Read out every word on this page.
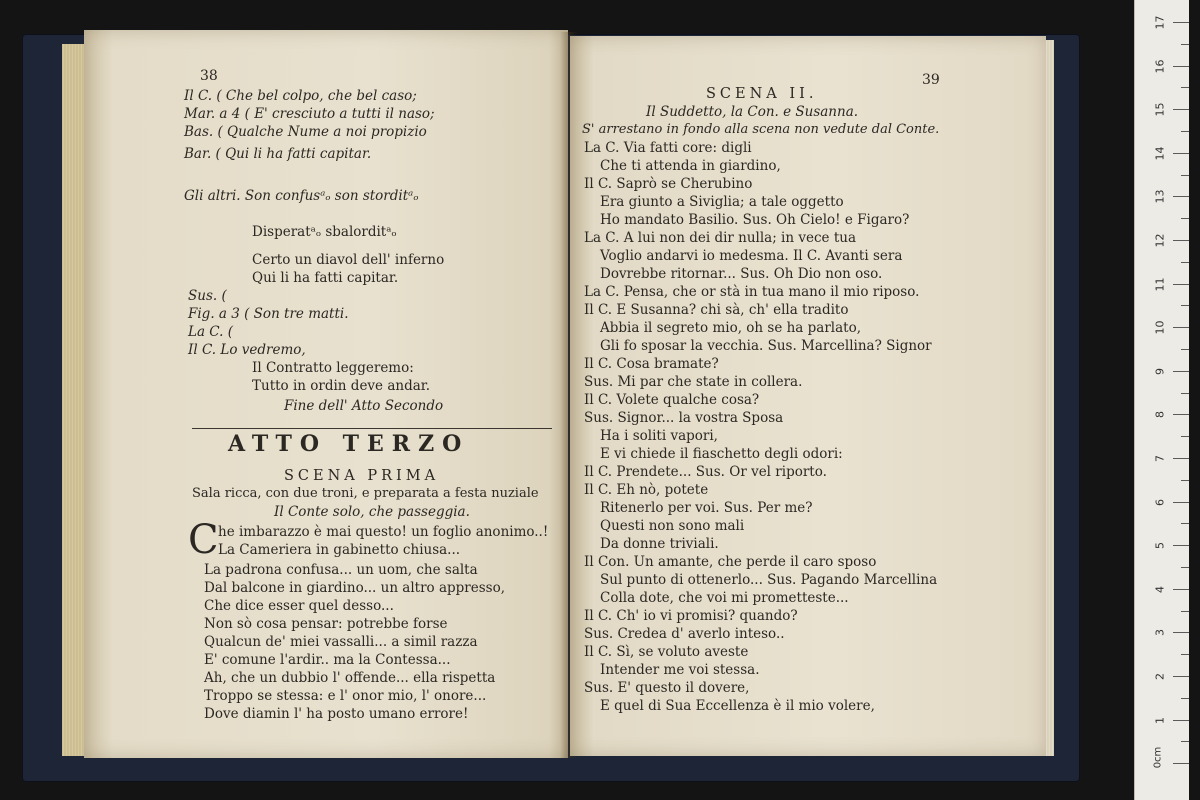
38
Il C. ( Che bel colpo, che bel caso;
Mar. a 4 ( E' cresciuto a tutti il naso;
Bas. ( Qualche Nume a noi propizio
Bar. ( Qui li ha fatti capitar.
Gli altri. Son confusᵃₒ son storditᵃₒ
Disperatᵃₒ sbalorditᵃₒ
Certo un diavol dell' inferno
Qui li ha fatti capitar.
Sus. (
Fig. a 3 ( Son tre matti.
La C. (
Il C. Lo vedremo,
Il Contratto leggeremo:
Tutto in ordin deve andar.
Fine dell' Atto Secondo
ATTO TERZO
SCENA PRIMA
Sala ricca, con due troni, e preparata a festa nuziale
Il Conte solo, che passeggia.
C he imbarazzo è mai questo! un foglio anonimo..!
La Cameriera in gabinetto chiusa...
La padrona confusa... un uom, che salta
Dal balcone in giardino... un altro appresso,
Che dice esser quel desso...
Non sò cosa pensar: potrebbe forse
Qualcun de' miei vassalli... a simil razza
E' comune l'ardir.. ma la Contessa...
Ah, che un dubbio l' offende... ella rispetta
Troppo se stessa: e l' onor mio, l' onore...
Dove diamin l' ha posto umano errore!
39
SCENA II.
Il Suddetto, la Con. e Susanna.
S' arrestano in fondo alla scena non vedute dal Conte.
La C. Via fatti core: digli
Che ti attenda in giardino,
Il C. Saprò se Cherubino
Era giunto a Siviglia; a tale oggetto
Ho mandato Basilio. Sus. Oh Cielo! e Figaro?
La C. A lui non dei dir nulla; in vece tua
Voglio andarvi io medesma. Il C. Avanti sera
Dovrebbe ritornar... Sus. Oh Dio non oso.
La C. Pensa, che or stà in tua mano il mio riposo.
Il C. E Susanna? chi sà, ch' ella tradito
Abbia il segreto mio, oh se ha parlato,
Gli fo sposar la vecchia. Sus. Marcellina? Signor
Il C. Cosa bramate?
Sus. Mi par che state in collera.
Il C. Volete qualche cosa?
Sus. Signor... la vostra Sposa
Ha i soliti vapori,
E vi chiede il fiaschetto degli odori:
Il C. Prendete... Sus. Or vel riporto.
Il C. Eh nò, potete
Ritenerlo per voi. Sus. Per me?
Questi non sono mali
Da donne triviali.
Il Con. Un amante, che perde il caro sposo
Sul punto di ottenerlo... Sus. Pagando Marcellina
Colla dote, che voi mi prometteste...
Il C. Ch' io vi promisi? quando?
Sus. Credea d' averlo inteso..
Il C. Sì, se voluto aveste
Intender me voi stessa.
Sus. E' questo il dovere,
E quel di Sua Eccellenza è il mio volere,
0cm
17
16
15
14
13
12
11
10
9
8
7
6
5
4
3
2
1
